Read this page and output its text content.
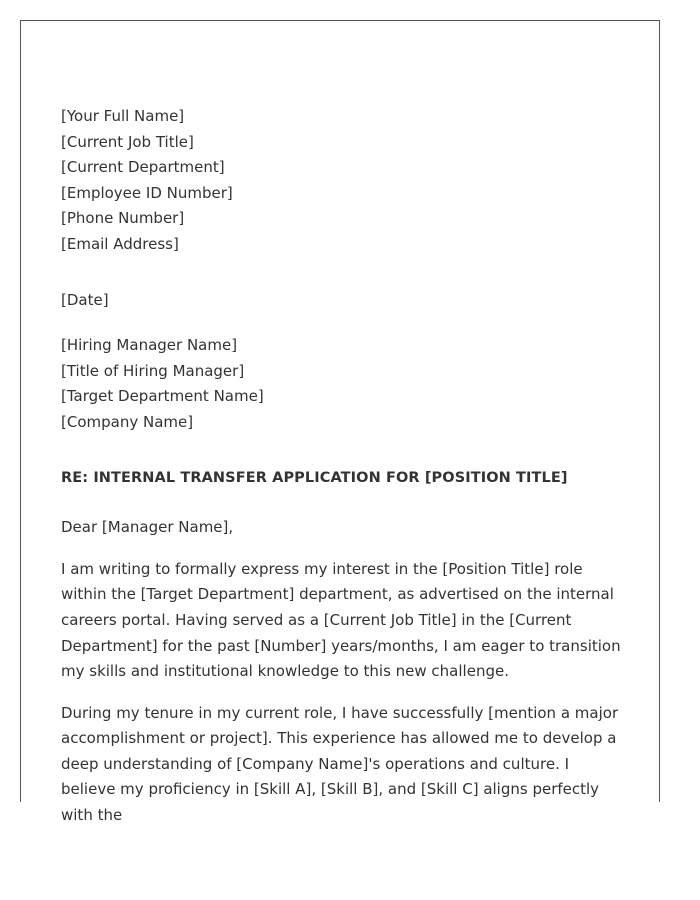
[Your Full Name]
[Current Job Title]
[Current Department]
[Employee ID Number]
[Phone Number]
[Email Address]
[Date]
[Hiring Manager Name]
[Title of Hiring Manager]
[Target Department Name]
[Company Name]
RE: INTERNAL TRANSFER APPLICATION FOR [POSITION TITLE]
Dear [Manager Name],

I am writing to formally express my interest in the [Position Title] role within the [Target Department] department, as advertised on the internal careers portal. Having served as a [Current Job Title] in the [Current Department] for the past [Number] years/months, I am eager to transition my skills and institutional knowledge to this new challenge.

During my tenure in my current role, I have successfully [mention a major accomplishment or project]. This experience has allowed me to develop a deep understanding of [Company Name]'s operations and culture. I believe my proficiency in [Skill A], [Skill B], and [Skill C] aligns perfectly with the
